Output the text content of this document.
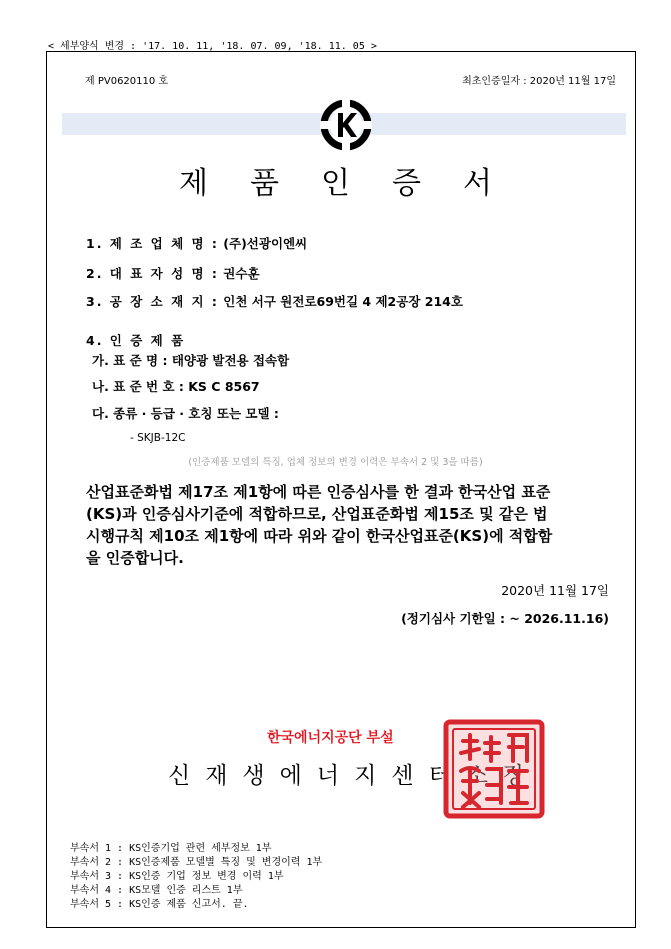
< 세부양식 변경 : '17. 10. 11, '18. 07. 09, '18. 11. 05 >
제 PV0620110 호	최초인증일자 : 2020년 11월 17일
제품인증서
1. 제 조 업 체 명 : (주)선광이엔씨
2. 대 표 자 성 명 : 권수훈
3. 공 장 소 재 지 : 인천 서구 원전로69번길 4 제2공장 214호
4. 인 증 제 품
가. 표 준 명 : 태양광 발전용 접속함
나. 표 준 번 호 : KS C 8567
다. 종류 · 등급 · 호칭 또는 모델 :
- SKJB-12C
(인증제품 모델의 특징, 업체 정보의 변경 이력은 부속서 2 및 3을 따름)
산업표준화법 제17조 제1항에 따른 인증심사를 한 결과 한국산업 표준
(KS)과 인증심사기준에 적합하므로, 산업표준화법 제15조 및 같은 법
시행규칙 제10조 제1항에 따라 위와 같이 한국산업표준(KS)에 적합함
을 인증합니다.
2020년 11월 17일
(정기심사 기한일 : ~ 2026.11.16)
한국에너지공단 부설
신재생에너지센터소장
부속서 1 : KS인증기업 관련 세부정보 1부
부속서 2 : KS인증제품 모델별 특징 및 변경이력 1부
부속서 3 : KS인증 기업 정보 변경 이력 1부
부속서 4 : KS모델 인증 리스트 1부
부속서 5 : KS인증 제품 신고서. 끝.
